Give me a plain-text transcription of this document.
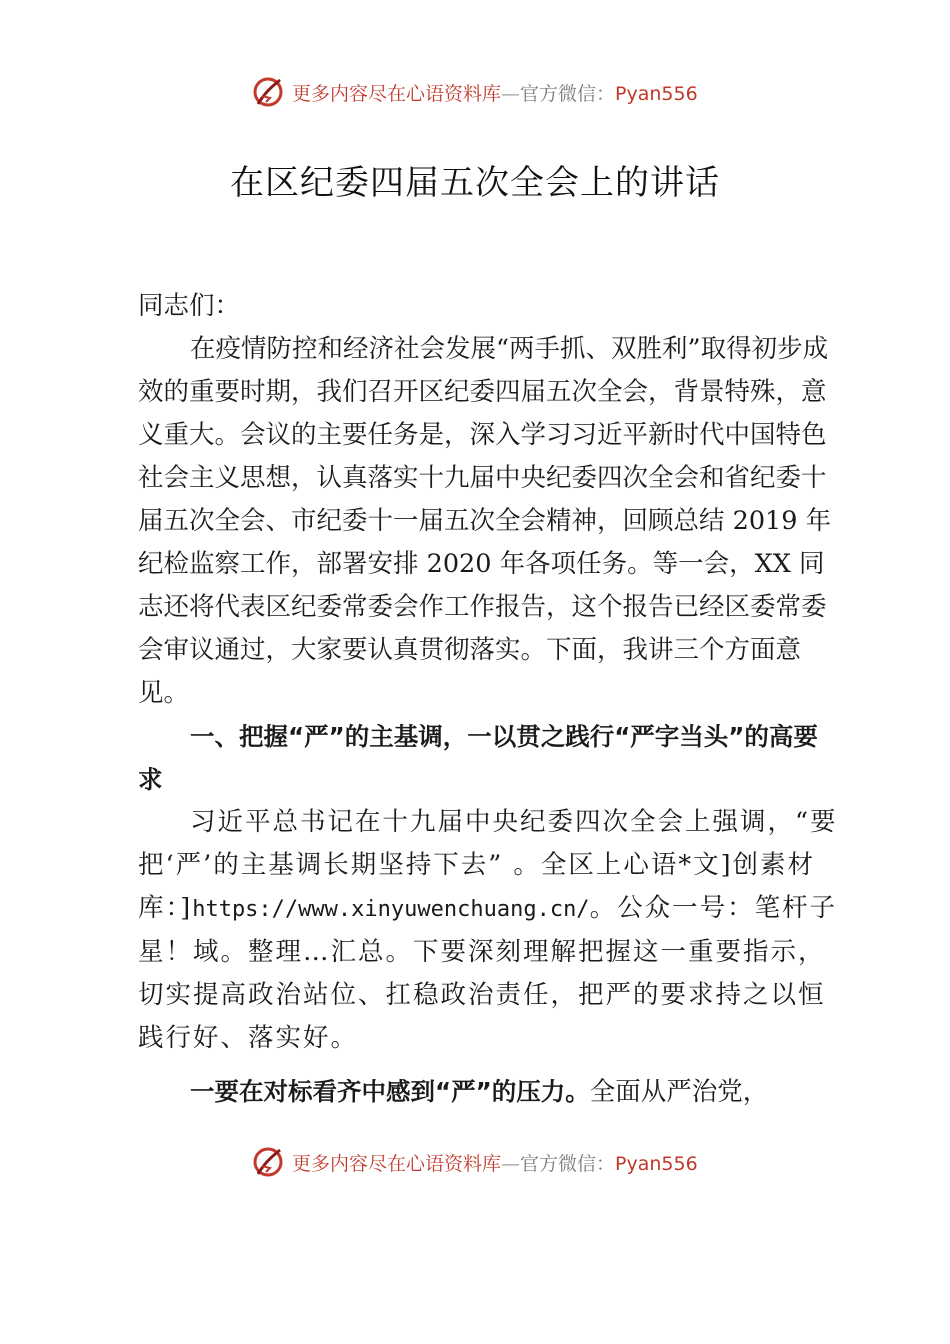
更多内容尽在心语资料库—官方微信：Pyan556
在区纪委四届五次全会上的讲话

同志们：

在疫情防控和经济社会发展“两手抓、双胜利”取得初步成效的重要时期，我们召开区纪委四届五次全会，背景特殊，意义重大。会议的主要任务是，深入学习习近平新时代中国特色社会主义思想，认真落实十九届中央纪委四次全会和省纪委十届五次全会、市纪委十一届五次全会精神，回顾总结 2019 年纪检监察工作，部署安排 2020 年各项任务。等一会，XX 同志还将代表区纪委常委会作工作报告，这个报告已经区委常委会审议通过，大家要认真贯彻落实。下面，我讲三个方面意见。

一、把握“严”的主基调，一以贯之践行“严字当头”的高要求

习近平总书记在十九届中央纪委四次全会上强调，“要把‘严’的主基调长期坚持下去” 。全区上心语*文]创素材库：]https://www.xinyuwenchuang.cn/。公众一号：笔杆子星！域。整理…汇总。下要深刻理解把握这一重要指示，切实提高政治站位、扛稳政治责任，把严的要求持之以恒践行好、落实好。

一要在对标看齐中感到“严”的压力。全面从严治党，

更多内容尽在心语资料库—官方微信：Pyan556
